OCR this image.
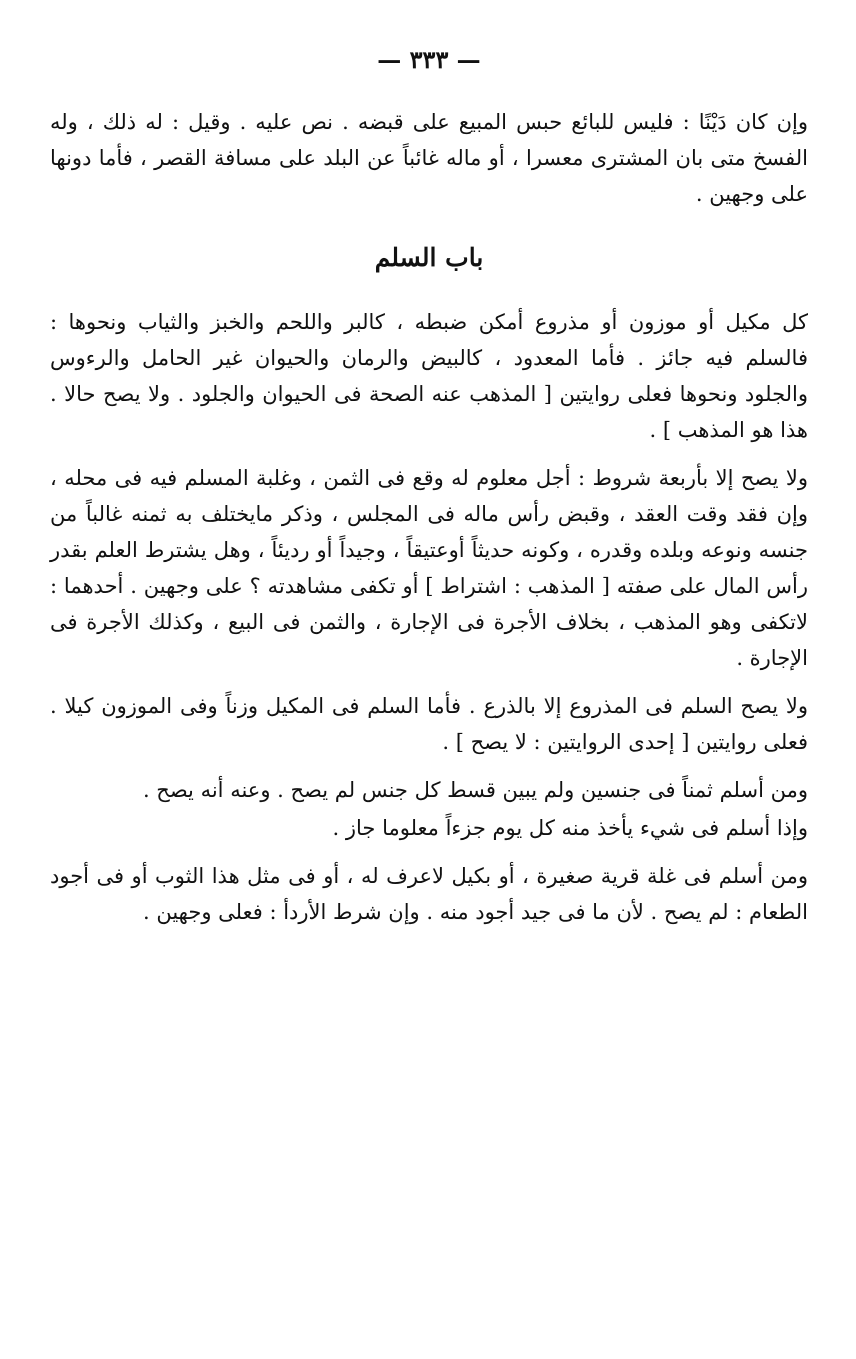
— ٣٣٣ —

وإن كان دَيْنًا : فليس للبائع حبس المبيع على قبضه . نص عليه . وقيل : له ذلك ، وله الفسخ متى بان المشترى معسرا ، أو ماله غائباً عن البلد على مسافة القصر ، فأما دونها على وجهين .

باب السلم

كل مكيل أو موزون أو مذروع أمكن ضبطه ، كالبر واللحم والخبز والثياب ونحوها : فالسلم فيه جائز . فأما المعدود ، كالبيض والرمان والحيوان غير الحامل والرءوس والجلود ونحوها فعلى روايتين [ المذهب عنه الصحة فى الحيوان والجلود . ولا يصح حالا . هذا هو المذهب ] .

ولا يصح إلا بأربعة شروط : أجل معلوم له وقع فى الثمن ، وغلبة المسلم فيه فى محله ، وإن فقد وقت العقد ، وقبض رأس ماله فى المجلس ، وذكر مايختلف به ثمنه غالباً من جنسه ونوعه وبلده وقدره ، وكونه حديثاً أوعتيقاً ، وجيداً أو رديئاً ، وهل يشترط العلم بقدر رأس المال على صفته [ المذهب : اشتراط ] أو تكفى مشاهدته ؟ على وجهين . أحدهما : لاتكفى وهو المذهب ، بخلاف الأجرة فى الإجارة ، والثمن فى البيع ، وكذلك الأجرة فى الإجارة .

ولا يصح السلم فى المذروع إلا بالذرع . فأما السلم فى المكيل وزناً وفى الموزون كيلا . فعلى روايتين [ إحدى الروايتين : لا يصح ] .

ومن أسلم ثمناً فى جنسين ولم يبين قسط كل جنس لم يصح . وعنه أنه يصح .

وإذا أسلم فى شيء يأخذ منه كل يوم جزءاً معلوما جاز .

ومن أسلم فى غلة قرية صغيرة ، أو بكيل لاعرف له ، أو فى مثل هذا الثوب أو فى أجود الطعام : لم يصح . لأن ما فى جيد أجود منه . وإن شرط الأردأ : فعلى وجهين .
